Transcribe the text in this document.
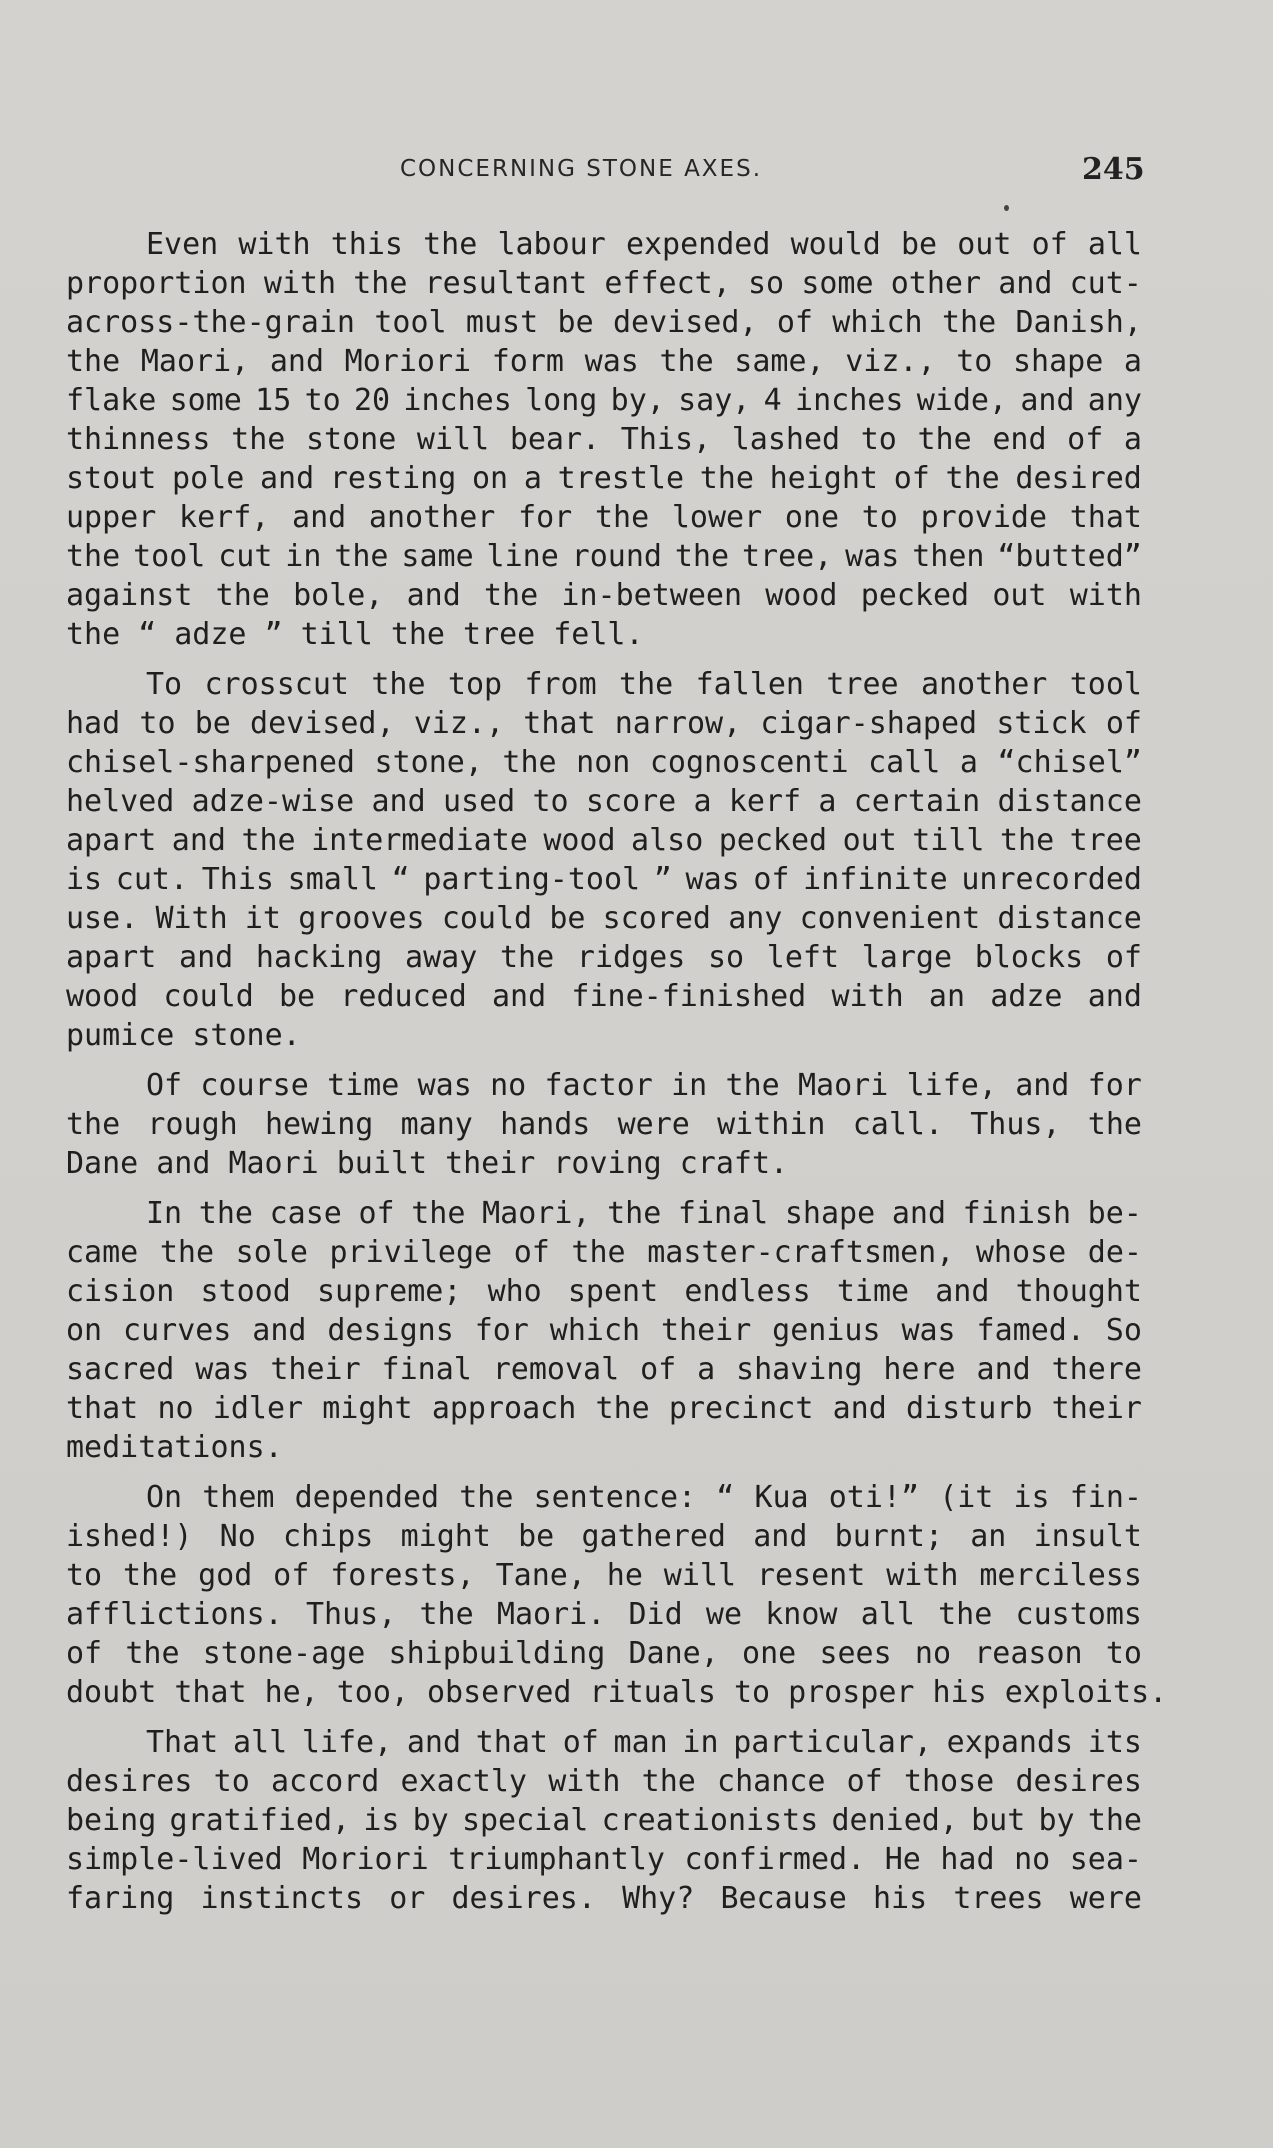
CONCERNING STONE AXES.	245
Even with this the labour expended would be out of all
proportion with the resultant effect, so some other and cut-
across-the-grain tool must be devised, of which the Danish,
the Maori, and Moriori form was the same, viz., to shape a
flake some 15 to 20 inches long by, say, 4 inches wide, and any
thinness the stone will bear. This, lashed to the end of a
stout pole and resting on a trestle the height of the desired
upper kerf, and another for the lower one to provide that
the tool cut in the same line round the tree, was then “butted”
against the bole, and the in-between wood pecked out with
the “ adze ” till the tree fell.
To crosscut the top from the fallen tree another tool
had to be devised, viz., that narrow, cigar-shaped stick of
chisel-sharpened stone, the non cognoscenti call a “chisel”
helved adze-wise and used to score a kerf a certain distance
apart and the intermediate wood also pecked out till the tree
is cut. This small “ parting-tool ” was of infinite unrecorded
use. With it grooves could be scored any convenient distance
apart and hacking away the ridges so left large blocks of
wood could be reduced and fine-finished with an adze and
pumice stone.
Of course time was no factor in the Maori life, and for
the rough hewing many hands were within call. Thus, the
Dane and Maori built their roving craft.
In the case of the Maori, the final shape and finish be-
came the sole privilege of the master-craftsmen, whose de-
cision stood supreme; who spent endless time and thought
on curves and designs for which their genius was famed. So
sacred was their final removal of a shaving here and there
that no idler might approach the precinct and disturb their
meditations.
On them depended the sentence: “ Kua oti!” (it is fin-
ished!) No chips might be gathered and burnt; an insult
to the god of forests, Tane, he will resent with merciless
afflictions. Thus, the Maori. Did we know all the customs
of the stone-age shipbuilding Dane, one sees no reason to
doubt that he, too, observed rituals to prosper his exploits.
That all life, and that of man in particular, expands its
desires to accord exactly with the chance of those desires
being gratified, is by special creationists denied, but by the
simple-lived Moriori triumphantly confirmed. He had no sea-
faring instincts or desires. Why? Because his trees were
